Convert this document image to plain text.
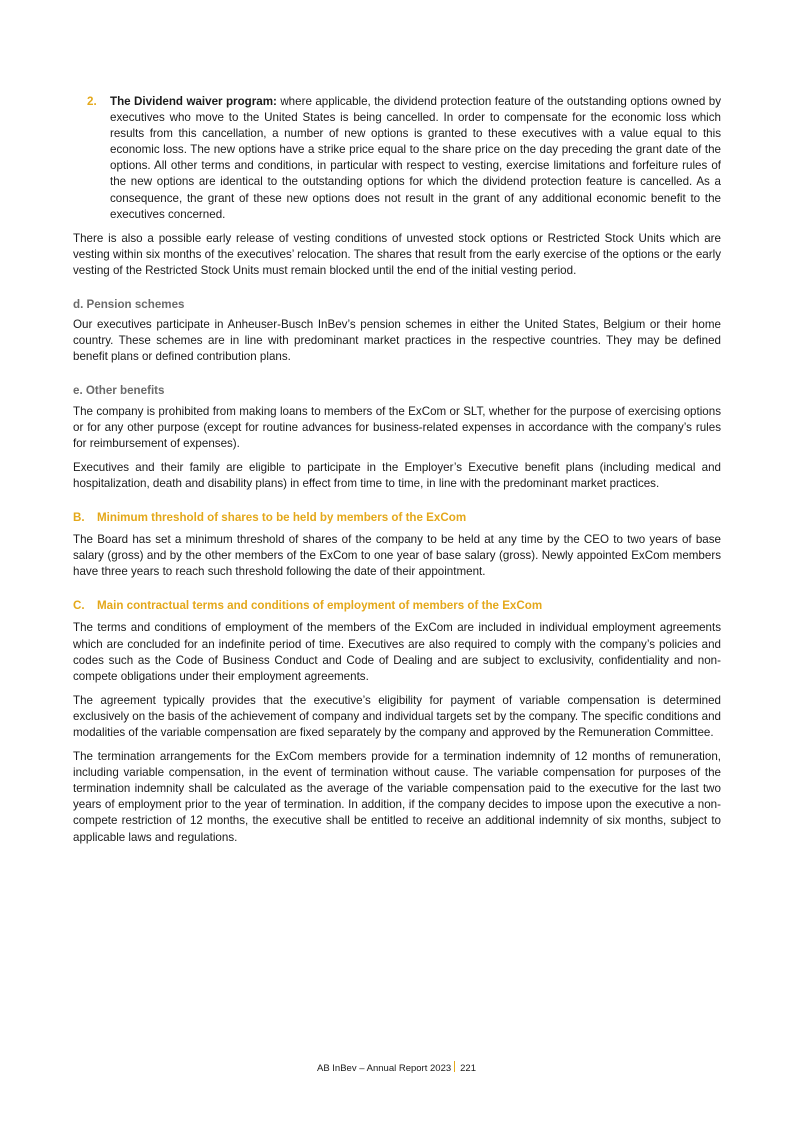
2. The Dividend waiver program: where applicable, the dividend protection feature of the outstanding options owned by executives who move to the United States is being cancelled. In order to compensate for the economic loss which results from this cancellation, a number of new options is granted to these executives with a value equal to this economic loss. The new options have a strike price equal to the share price on the day preceding the grant date of the options. All other terms and conditions, in particular with respect to vesting, exercise limitations and forfeiture rules of the new options are identical to the outstanding options for which the dividend protection feature is cancelled. As a consequence, the grant of these new options does not result in the grant of any additional economic benefit to the executives concerned.

There is also a possible early release of vesting conditions of unvested stock options or Restricted Stock Units which are vesting within six months of the executives’ relocation. The shares that result from the early exercise of the options or the early vesting of the Restricted Stock Units must remain blocked until the end of the initial vesting period.

d. Pension schemes

Our executives participate in Anheuser-Busch InBev’s pension schemes in either the United States, Belgium or their home country. These schemes are in line with predominant market practices in the respective countries. They may be defined benefit plans or defined contribution plans.

e. Other benefits

The company is prohibited from making loans to members of the ExCom or SLT, whether for the purpose of exercising options or for any other purpose (except for routine advances for business-related expenses in accordance with the company’s rules for reimbursement of expenses).

Executives and their family are eligible to participate in the Employer’s Executive benefit plans (including medical and hospitalization, death and disability plans) in effect from time to time, in line with the predominant market practices.

B. Minimum threshold of shares to be held by members of the ExCom

The Board has set a minimum threshold of shares of the company to be held at any time by the CEO to two years of base salary (gross) and by the other members of the ExCom to one year of base salary (gross). Newly appointed ExCom members have three years to reach such threshold following the date of their appointment.

C. Main contractual terms and conditions of employment of members of the ExCom

The terms and conditions of employment of the members of the ExCom are included in individual employment agreements which are concluded for an indefinite period of time. Executives are also required to comply with the company’s policies and codes such as the Code of Business Conduct and Code of Dealing and are subject to exclusivity, confidentiality and non-compete obligations under their employment agreements.

The agreement typically provides that the executive’s eligibility for payment of variable compensation is determined exclusively on the basis of the achievement of company and individual targets set by the company. The specific conditions and modalities of the variable compensation are fixed separately by the company and approved by the Remuneration Committee.

The termination arrangements for the ExCom members provide for a termination indemnity of 12 months of remuneration, including variable compensation, in the event of termination without cause. The variable compensation for purposes of the termination indemnity shall be calculated as the average of the variable compensation paid to the executive for the last two years of employment prior to the year of termination. In addition, if the company decides to impose upon the executive a non-compete restriction of 12 months, the executive shall be entitled to receive an additional indemnity of six months, subject to applicable laws and regulations.

AB InBev – Annual Report 2023 221
